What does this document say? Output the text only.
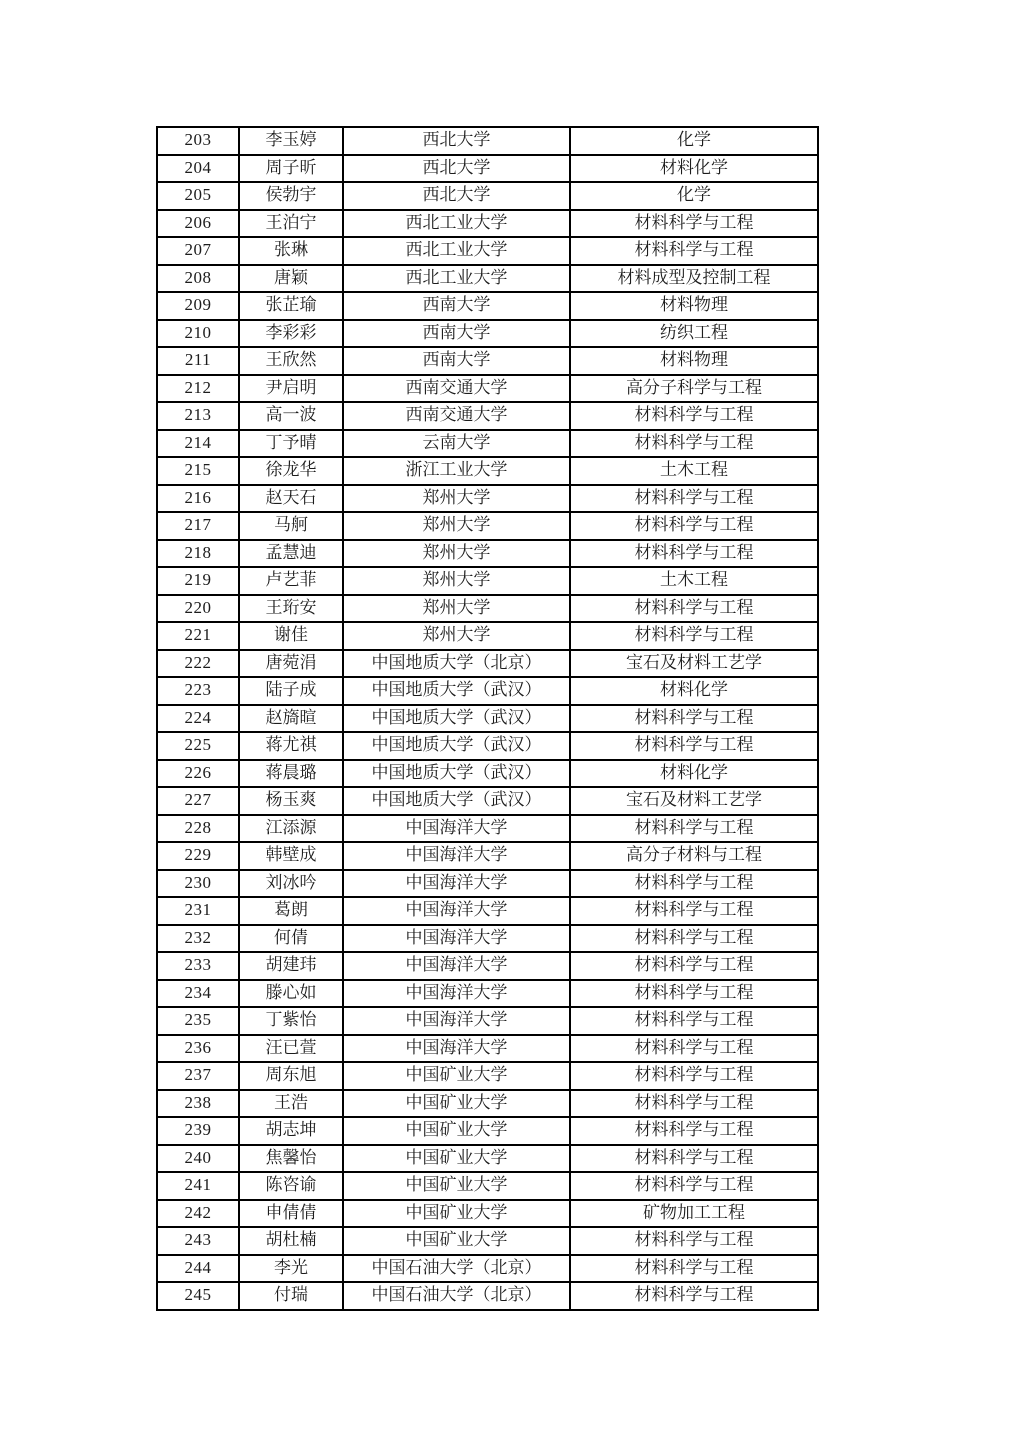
203	李玉婷	西北大学	化学
204	周子昕	西北大学	材料化学
205	侯勃宇	西北大学	化学
206	王泊宁	西北工业大学	材料科学与工程
207	张琳	西北工业大学	材料科学与工程
208	唐颖	西北工业大学	材料成型及控制工程
209	张芷瑜	西南大学	材料物理
210	李彩彩	西南大学	纺织工程
211	王欣然	西南大学	材料物理
212	尹启明	西南交通大学	高分子科学与工程
213	高一波	西南交通大学	材料科学与工程
214	丁予晴	云南大学	材料科学与工程
215	徐龙华	浙江工业大学	土木工程
216	赵天石	郑州大学	材料科学与工程
217	马舸	郑州大学	材料科学与工程
218	孟慧迪	郑州大学	材料科学与工程
219	卢艺菲	郑州大学	土木工程
220	王珩安	郑州大学	材料科学与工程
221	谢佳	郑州大学	材料科学与工程
222	唐菀涓	中国地质大学（北京）	宝石及材料工艺学
223	陆子成	中国地质大学（武汉）	材料化学
224	赵旖暄	中国地质大学（武汉）	材料科学与工程
225	蒋尤祺	中国地质大学（武汉）	材料科学与工程
226	蒋晨璐	中国地质大学（武汉）	材料化学
227	杨玉爽	中国地质大学（武汉）	宝石及材料工艺学
228	江添源	中国海洋大学	材料科学与工程
229	韩壁成	中国海洋大学	高分子材料与工程
230	刘冰吟	中国海洋大学	材料科学与工程
231	葛朗	中国海洋大学	材料科学与工程
232	何倩	中国海洋大学	材料科学与工程
233	胡建玮	中国海洋大学	材料科学与工程
234	滕心如	中国海洋大学	材料科学与工程
235	丁紫怡	中国海洋大学	材料科学与工程
236	汪已萱	中国海洋大学	材料科学与工程
237	周东旭	中国矿业大学	材料科学与工程
238	王浩	中国矿业大学	材料科学与工程
239	胡志坤	中国矿业大学	材料科学与工程
240	焦馨怡	中国矿业大学	材料科学与工程
241	陈咨谕	中国矿业大学	材料科学与工程
242	申倩倩	中国矿业大学	矿物加工工程
243	胡杜楠	中国矿业大学	材料科学与工程
244	李光	中国石油大学（北京）	材料科学与工程
245	付瑞	中国石油大学（北京）	材料科学与工程
